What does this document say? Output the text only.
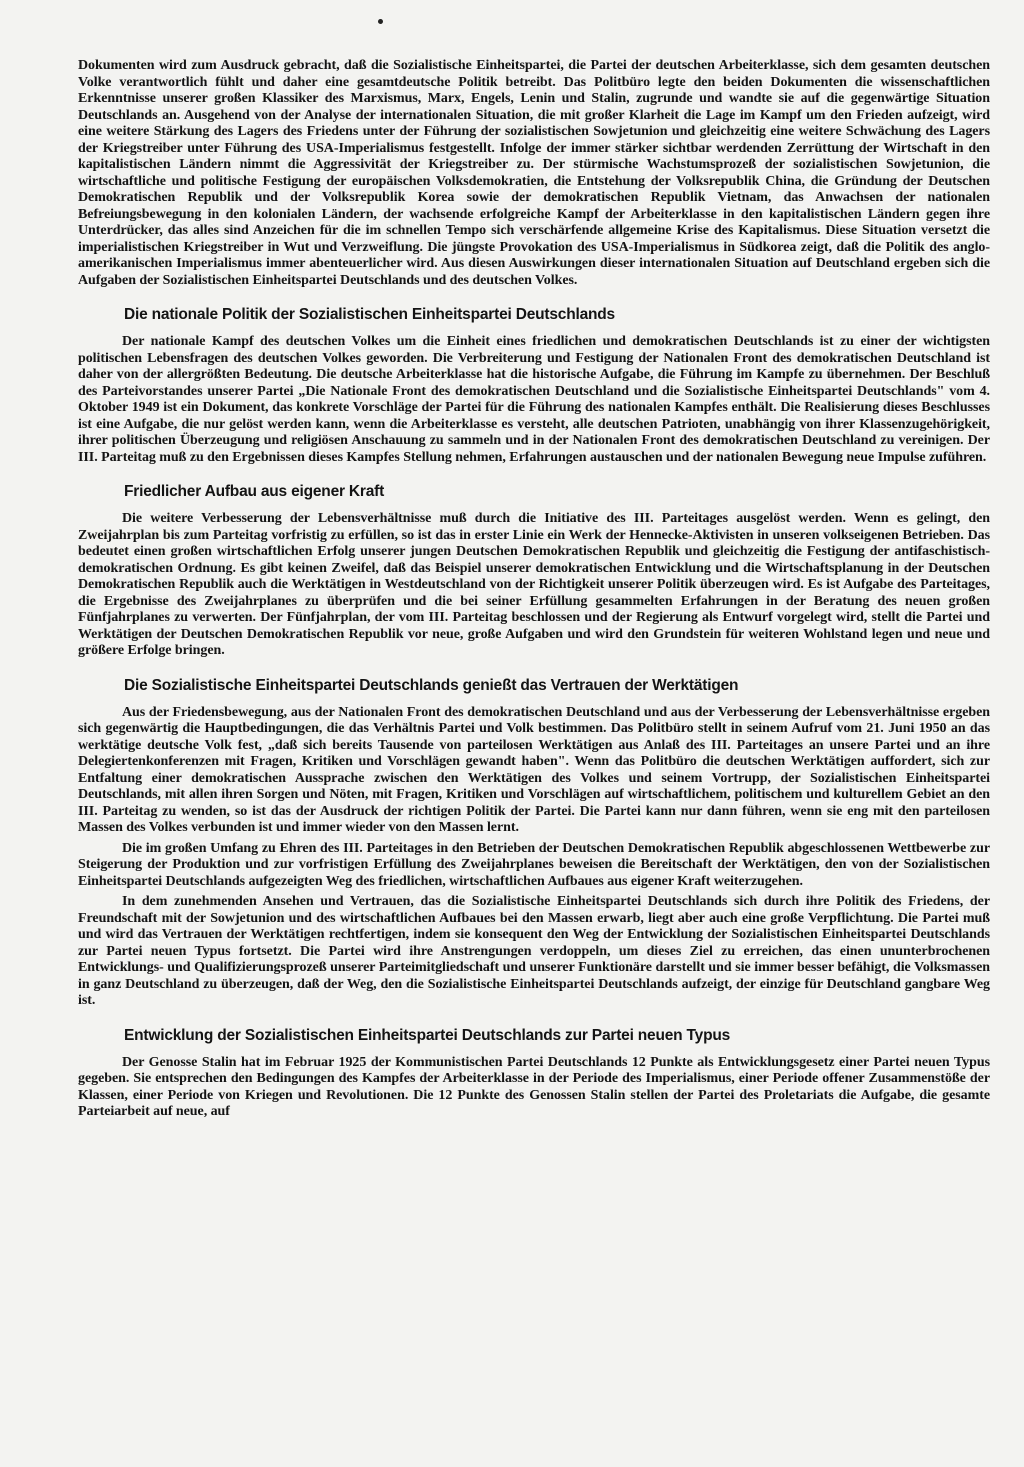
Dokumenten wird zum Ausdruck gebracht, daß die Sozialistische Einheitspartei, die Partei der deutschen Arbeiterklasse, sich dem gesamten deutschen Volke verantwortlich fühlt und daher eine gesamtdeutsche Politik betreibt. Das Politbüro legte den beiden Dokumenten die wissenschaftlichen Erkenntnisse unserer großen Klassiker des Marxismus, Marx, Engels, Lenin und Stalin, zugrunde und wandte sie auf die gegenwärtige Situation Deutschlands an. Ausgehend von der Analyse der internationalen Situation, die mit großer Klarheit die Lage im Kampf um den Frieden aufzeigt, wird eine weitere Stärkung des Lagers des Friedens unter der Führung der sozialistischen Sowjetunion und gleichzeitig eine weitere Schwächung des Lagers der Kriegstreiber unter Führung des USA-Imperialismus festgestellt. Infolge der immer stärker sichtbar werdenden Zerrüttung der Wirtschaft in den kapitalistischen Ländern nimmt die Aggressivität der Kriegstreiber zu. Der stürmische Wachstumsprozeß der sozialistischen Sowjetunion, die wirtschaftliche und politische Festigung der europäischen Volksdemokratien, die Entstehung der Volksrepublik China, die Gründung der Deutschen Demokratischen Republik und der Volksrepublik Korea sowie der demokratischen Republik Vietnam, das Anwachsen der nationalen Befreiungsbewegung in den kolonialen Ländern, der wachsende erfolgreiche Kampf der Arbeiterklasse in den kapitalistischen Ländern gegen ihre Unterdrücker, das alles sind Anzeichen für die im schnellen Tempo sich verschärfende allgemeine Krise des Kapitalismus. Diese Situation versetzt die imperialistischen Kriegstreiber in Wut und Verzweiflung. Die jüngste Provokation des USA-Imperialismus in Südkorea zeigt, daß die Politik des anglo-amerikanischen Imperialismus immer abenteuerlicher wird. Aus diesen Auswirkungen dieser internationalen Situation auf Deutschland ergeben sich die Aufgaben der Sozialistischen Einheitspartei Deutschlands und des deutschen Volkes.

Die nationale Politik der Sozialistischen Einheitspartei Deutschlands

Der nationale Kampf des deutschen Volkes um die Einheit eines friedlichen und demokratischen Deutschlands ist zu einer der wichtigsten politischen Lebensfragen des deutschen Volkes geworden. Die Verbreiterung und Festigung der Nationalen Front des demokratischen Deutschland ist daher von der allergrößten Bedeutung. Die deutsche Arbeiterklasse hat die historische Aufgabe, die Führung im Kampfe zu übernehmen. Der Beschluß des Parteivorstandes unserer Partei „Die Nationale Front des demokratischen Deutschland und die Sozialistische Einheitspartei Deutschlands" vom 4. Oktober 1949 ist ein Dokument, das konkrete Vorschläge der Partei für die Führung des nationalen Kampfes enthält. Die Realisierung dieses Beschlusses ist eine Aufgabe, die nur gelöst werden kann, wenn die Arbeiterklasse es versteht, alle deutschen Patrioten, unabhängig von ihrer Klassenzugehörigkeit, ihrer politischen Überzeugung und religiösen Anschauung zu sammeln und in der Nationalen Front des demokratischen Deutschland zu vereinigen. Der III. Parteitag muß zu den Ergebnissen dieses Kampfes Stellung nehmen, Erfahrungen austauschen und der nationalen Bewegung neue Impulse zuführen.

Friedlicher Aufbau aus eigener Kraft

Die weitere Verbesserung der Lebensverhältnisse muß durch die Initiative des III. Parteitages ausgelöst werden. Wenn es gelingt, den Zweijahrplan bis zum Parteitag vorfristig zu erfüllen, so ist das in erster Linie ein Werk der Hennecke-Aktivisten in unseren volkseigenen Betrieben. Das bedeutet einen großen wirtschaftlichen Erfolg unserer jungen Deutschen Demokratischen Republik und gleichzeitig die Festigung der antifaschistisch-demokratischen Ordnung. Es gibt keinen Zweifel, daß das Beispiel unserer demokratischen Entwicklung und die Wirtschaftsplanung in der Deutschen Demokratischen Republik auch die Werktätigen in Westdeutschland von der Richtigkeit unserer Politik überzeugen wird. Es ist Aufgabe des Parteitages, die Ergebnisse des Zweijahrplanes zu überprüfen und die bei seiner Erfüllung gesammelten Erfahrungen in der Beratung des neuen großen Fünfjahrplanes zu verwerten. Der Fünfjahrplan, der vom III. Parteitag beschlossen und der Regierung als Entwurf vorgelegt wird, stellt die Partei und Werktätigen der Deutschen Demokratischen Republik vor neue, große Aufgaben und wird den Grundstein für weiteren Wohlstand legen und neue und größere Erfolge bringen.

Die Sozialistische Einheitspartei Deutschlands genießt das Vertrauen der Werktätigen

Aus der Friedensbewegung, aus der Nationalen Front des demokratischen Deutschland und aus der Verbesserung der Lebensverhältnisse ergeben sich gegenwärtig die Hauptbedingungen, die das Verhältnis Partei und Volk bestimmen. Das Politbüro stellt in seinem Aufruf vom 21. Juni 1950 an das werktätige deutsche Volk fest, „daß sich bereits Tausende von parteilosen Werktätigen aus Anlaß des III. Parteitages an unsere Partei und an ihre Delegiertenkonferenzen mit Fragen, Kritiken und Vorschlägen gewandt haben". Wenn das Politbüro die deutschen Werktätigen auffordert, sich zur Entfaltung einer demokratischen Aussprache zwischen den Werktätigen des Volkes und seinem Vortrupp, der Sozialistischen Einheitspartei Deutschlands, mit allen ihren Sorgen und Nöten, mit Fragen, Kritiken und Vorschlägen auf wirtschaftlichem, politischem und kulturellem Gebiet an den III. Parteitag zu wenden, so ist das der Ausdruck der richtigen Politik der Partei. Die Partei kann nur dann führen, wenn sie eng mit den parteilosen Massen des Volkes verbunden ist und immer wieder von den Massen lernt.

Die im großen Umfang zu Ehren des III. Parteitages in den Betrieben der Deutschen Demokratischen Republik abgeschlossenen Wettbewerbe zur Steigerung der Produktion und zur vorfristigen Erfüllung des Zweijahrplanes beweisen die Bereitschaft der Werktätigen, den von der Sozialistischen Einheitspartei Deutschlands aufgezeigten Weg des friedlichen, wirtschaftlichen Aufbaues aus eigener Kraft weiterzugehen.

In dem zunehmenden Ansehen und Vertrauen, das die Sozialistische Einheitspartei Deutschlands sich durch ihre Politik des Friedens, der Freundschaft mit der Sowjetunion und des wirtschaftlichen Aufbaues bei den Massen erwarb, liegt aber auch eine große Verpflichtung. Die Partei muß und wird das Vertrauen der Werktätigen rechtfertigen, indem sie konsequent den Weg der Entwicklung der Sozialistischen Einheitspartei Deutschlands zur Partei neuen Typus fortsetzt. Die Partei wird ihre Anstrengungen verdoppeln, um dieses Ziel zu erreichen, das einen ununterbrochenen Entwicklungs- und Qualifizierungsprozeß unserer Parteimitgliedschaft und unserer Funktionäre darstellt und sie immer besser befähigt, die Volksmassen in ganz Deutschland zu überzeugen, daß der Weg, den die Sozialistische Einheitspartei Deutschlands aufzeigt, der einzige für Deutschland gangbare Weg ist.

Entwicklung der Sozialistischen Einheitspartei Deutschlands zur Partei neuen Typus

Der Genosse Stalin hat im Februar 1925 der Kommunistischen Partei Deutschlands 12 Punkte als Entwicklungsgesetz einer Partei neuen Typus gegeben. Sie entsprechen den Bedingungen des Kampfes der Arbeiterklasse in der Periode des Imperialismus, einer Periode offener Zusammenstöße der Klassen, einer Periode von Kriegen und Revolutionen. Die 12 Punkte des Genossen Stalin stellen der Partei des Proletariats die Aufgabe, die gesamte Parteiarbeit auf neue, auf
